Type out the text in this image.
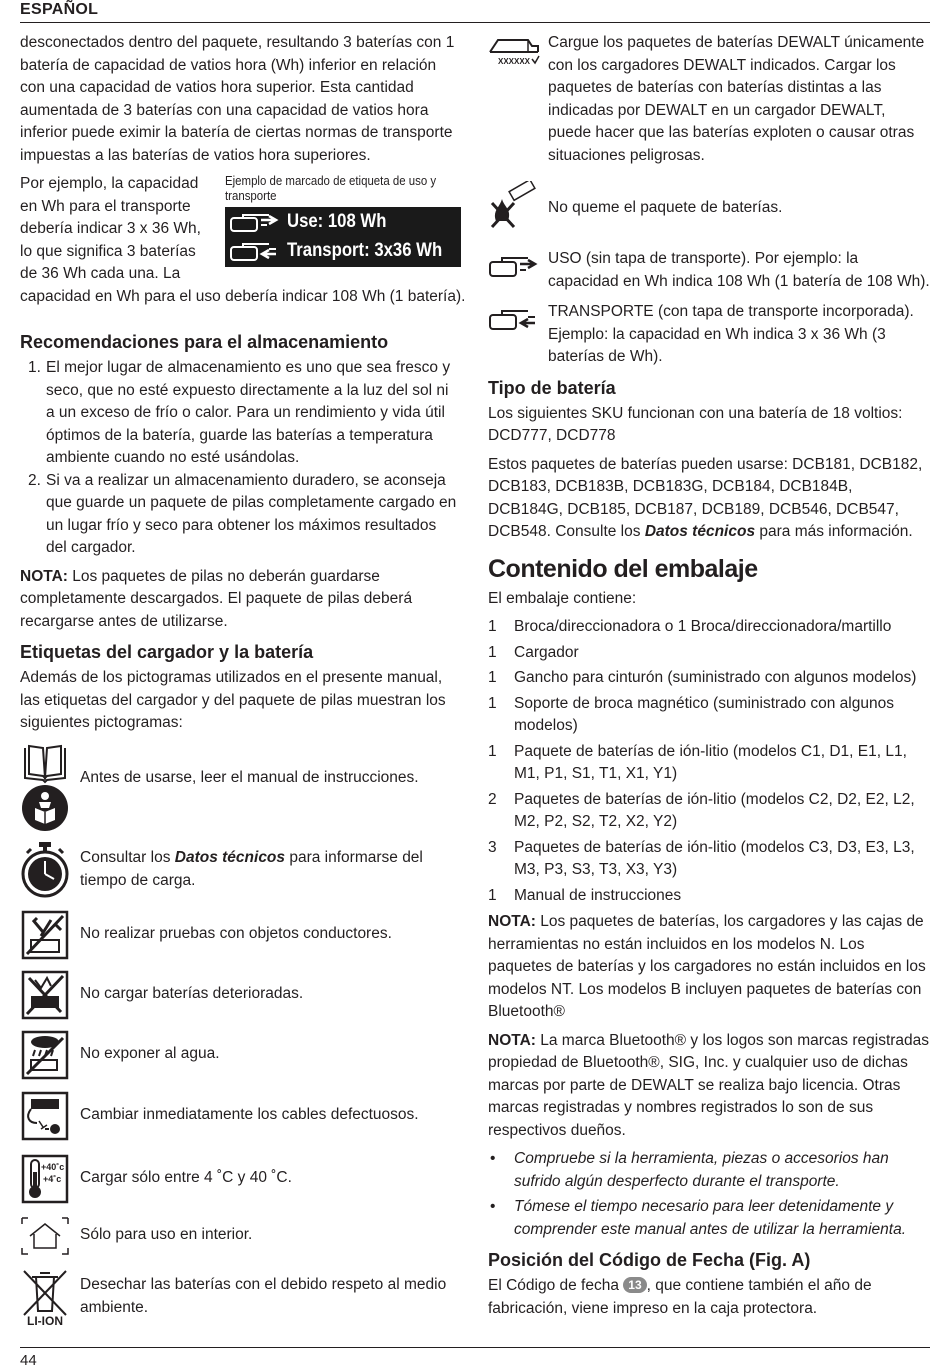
ESPAÑOL

desconectados dentro del paquete, resultando 3 baterías con 1 batería de capacidad de vatios hora (Wh) inferior en relación con una capacidad de vatios hora superior. Esta cantidad aumentada de 3 baterías con una capacidad de vatios hora inferior puede eximir la batería de ciertas normas de transporte impuestas a las baterías de vatios hora superiores.

Por ejemplo, la capacidad en Wh para el transporte debería indicar 3 x 36 Wh, lo que significa 3 baterías de 36 Wh cada una. La
Ejemplo de marcado de etiqueta de uso y transporte
Use: 108 Wh
Transport: 3x36 Wh
capacidad en Wh para el uso debería indicar 108 Wh (1 batería).
Recomendaciones para el almacenamiento
1. El mejor lugar de almacenamiento es uno que sea fresco y seco, que no esté expuesto directamente a la luz del sol ni a un exceso de frío o calor. Para un rendimiento y vida útil óptimos de la batería, guarde las baterías a temperatura ambiente cuando no esté usándolas.
2. Si va a realizar un almacenamiento duradero, se aconseja que guarde un paquete de pilas completamente cargado en un lugar frío y seco para obtener los máximos resultados del cargador.

NOTA: Los paquetes de pilas no deberán guardarse completamente descargados. El paquete de pilas deberá recargarse antes de utilizarse.

Etiquetas del cargador y la batería

Además de los pictogramas utilizados en el presente manual, las etiquetas del cargador y del paquete de pilas muestran los siguientes pictogramas:

Antes de usarse, leer el manual de instrucciones.
Consultar los Datos técnicos para informarse del tiempo de carga.
No realizar pruebas con objetos conductores.
No cargar baterías deterioradas.
No exponer al agua.
Cambiar inmediatamente los cables defectuosos.
+40˚c
+4˚c Cargar sólo entre 4 ˚C y 40 ˚C.
Sólo para uso en interior.
LI-ION
Desechar las baterías con el debido respeto al medio ambiente.
XXXXXX
Cargue los paquetes de baterías DEWALT únicamente con los cargadores DEWALT indicados. Cargar los paquetes de baterías con baterías distintas a las indicadas por DEWALT en un cargador DEWALT, puede hacer que las baterías exploten o causar otras situaciones peligrosas.
No queme el paquete de baterías.
USO (sin tapa de transporte). Por ejemplo: la capacidad en Wh indica 108 Wh (1 batería de 108 Wh).
TRANSPORTE (con tapa de transporte incorporada). Ejemplo: la capacidad en Wh indica 3 x 36 Wh (3 baterías de Wh).
Tipo de batería

Los siguientes SKU funcionan con una batería de 18 voltios: DCD777, DCD778

Estos paquetes de baterías pueden usarse: DCB181, DCB182, DCB183, DCB183B, DCB183G, DCB184, DCB184B, DCB184G, DCB185, DCB187, DCB189, DCB546, DCB547, DCB548. Consulte los Datos técnicos para más información.

Contenido del embalaje

El embalaje contiene:

1 Broca/direccionadora o 1 Broca/direccionadora/martillo
1 Cargador
1 Gancho para cinturón (suministrado con algunos modelos)
1 Soporte de broca magnético (suministrado con algunos modelos)
1 Paquete de baterías de ión-litio (modelos C1, D1, E1, L1, M1, P1, S1, T1, X1, Y1)
2 Paquetes de baterías de ión-litio (modelos C2, D2, E2, L2, M2, P2, S2, T2, X2, Y2)
3 Paquetes de baterías de ión-litio (modelos C3, D3, E3, L3, M3, P3, S3, T3, X3, Y3)
1 Manual de instrucciones

NOTA: Los paquetes de baterías, los cargadores y las cajas de herramientas no están incluidos en los modelos N. Los paquetes de baterías y los cargadores no están incluidos en los modelos NT. Los modelos B incluyen paquetes de baterías con Bluetooth®

NOTA: La marca Bluetooth® y los logos son marcas registradas propiedad de Bluetooth®, SIG, Inc. y cualquier uso de dichas marcas por parte de DEWALT se realiza bajo licencia. Otras marcas registradas y nombres registrados lo son de sus respectivos dueños.

• Compruebe si la herramienta, piezas o accesorios han sufrido algún desperfecto durante el transporte.
• Tómese el tiempo necesario para leer detenidamente y comprender este manual antes de utilizar la herramienta.
Posición del Código de Fecha (Fig. A)

El Código de fecha 13 , que contiene también el año de fabricación, viene impreso en la caja protectora.

44
